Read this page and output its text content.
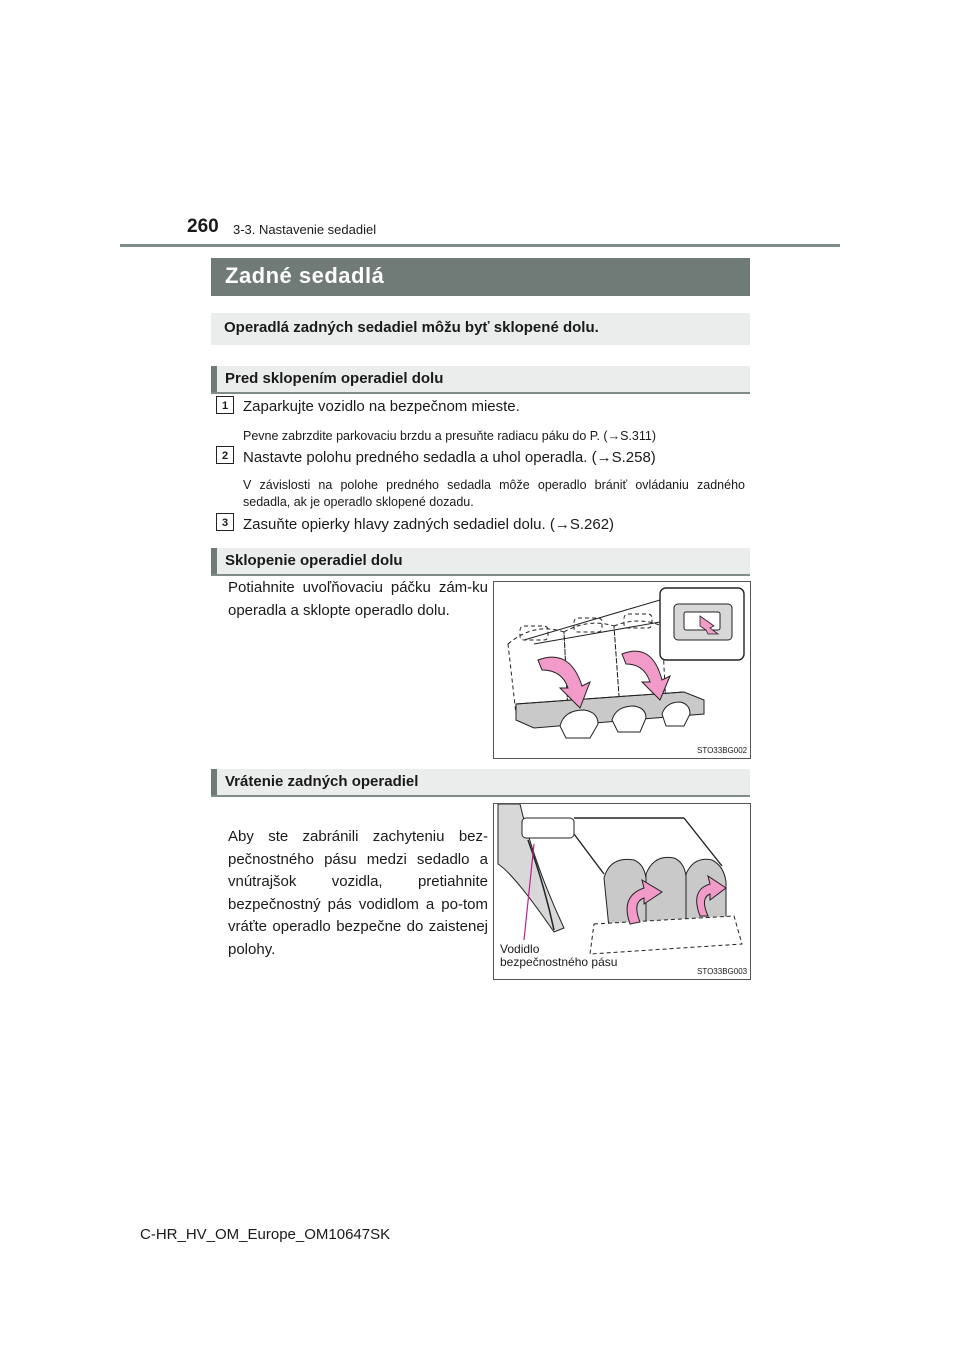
260 3-3. Nastavenie sedadiel
Zadné sedadlá
Operadlá zadných sedadiel môžu byť sklopené dolu.
Pred sklopením operadiel dolu
1 Zaparkujte vozidlo na bezpečnom mieste.
Pevne zabrzdite parkovaciu brzdu a presuňte radiacu páku do P. (→S.311)
2 Nastavte polohu predného sedadla a uhol operadla. (→S.258)
V závislosti na polohe predného sedadla môže operadlo brániť ovládaniu zadného sedadla, ak je operadlo sklopené dozadu.
3 Zasuňte opierky hlavy zadných sedadiel dolu. (→S.262)
Sklopenie operadiel dolu
Potiahnite uvoľňovaciu páčku zám-ku operadla a sklopte operadlo dolu.
STO33BG002
Vrátenie zadných operadiel
Aby ste zabránili zachyteniu bez-pečnostného pásu medzi sedadlo a vnútrajšok vozidla, pretiahnite bezpečnostný pás vodidlom a po-tom vráťte operadlo bezpečne do zaistenej polohy.	Vodidlo
bezpečnostného pásu
STO33BG003
C-HR_HV_OM_Europe_OM10647SK
